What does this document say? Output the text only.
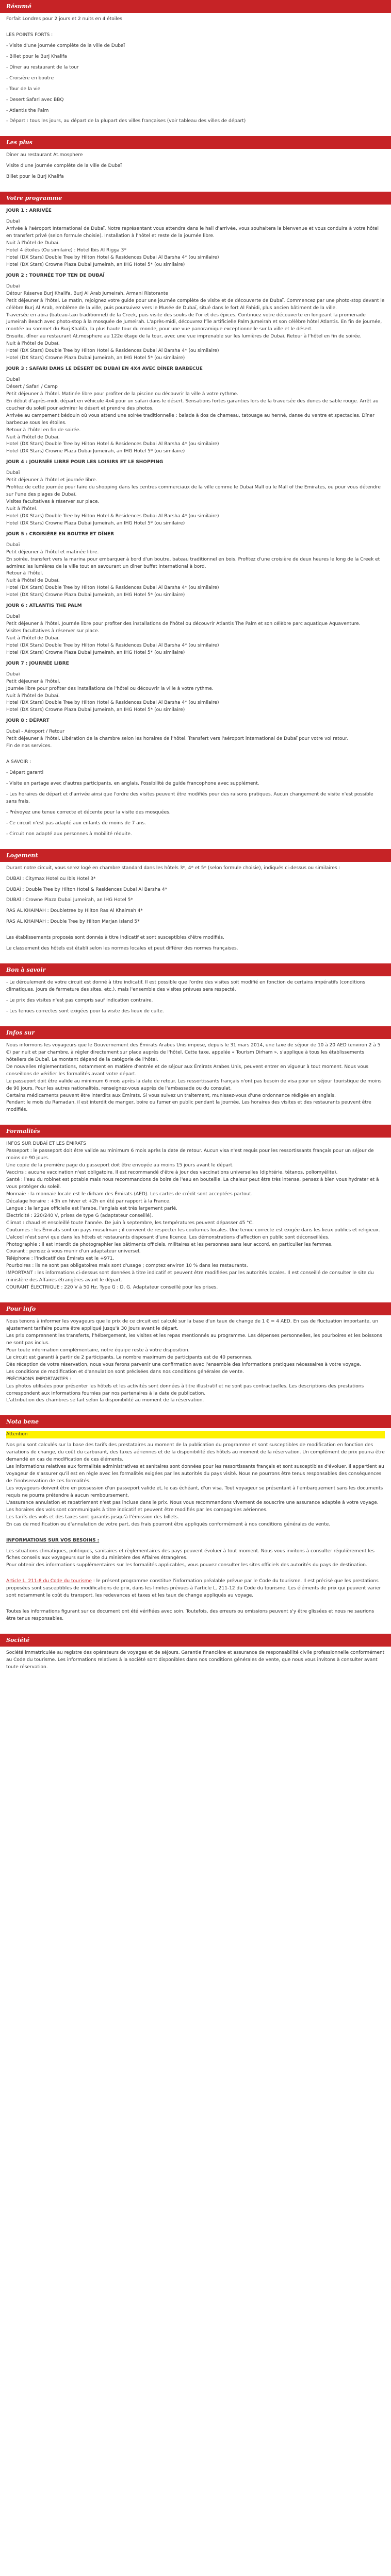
Résumé

Forfait Londres pour 2 jours et 2 nuits en 4 étoiles

LES POINTS FORTS :

- Visite d'une journée complète de la ville de Dubaï

- Billet pour le Burj Khalifa

- Dîner au restaurant de la tour

- Croisière en boutre

- Tour de la vie

- Desert Safari avec BBQ

- Atlantis the Palm

- Départ : tous les jours, au départ de la plupart des villes françaises (voir tableau des villes de départ)

Les plus

Dîner au restaurant At.mosphere

Visite d'une journée complète de la ville de Dubaï

Billet pour le Burj Khalifa

Votre programme

JOUR 1 : ARRIVÉE

Dubaï
Arrivée à l'aéroport International de Dubaï. Notre représentant vous attendra dans le hall d'arrivée, vous souhaitera la bienvenue et vous conduira à votre hôtel en transfert privé (selon formule choisie). Installation à l'hôtel et reste de la journée libre.
Nuit à l'hôtel de Dubaï.
Hotel 4 étoiles (Ou similaire) : Hotel Ibis Al Rigga 3*
Hotel (DX Stars) Double Tree by Hilton Hotel & Residences Dubai Al Barsha 4* (ou similaire)
Hotel (DX Stars) Crowne Plaza Dubai Jumeirah, an IHG Hotel 5* (ou similaire)

JOUR 2 : TOURNÉE TOP TEN DE DUBAÏ

Dubaï
Détour Réserve Burj Khalifa, Burj Al Arab Jumeirah, Armani Ristorante
Petit déjeuner à l'hôtel. Le matin, rejoignez votre guide pour une journée complète de visite et de découverte de Dubaï. Commencez par une photo-stop devant le célèbre Burj Al Arab, emblème de la ville, puis poursuivez vers le Musée de Dubaï, situé dans le fort Al Fahidi, plus ancien bâtiment de la ville.
Traversée en abra (bateau-taxi traditionnel) de la Creek, puis visite des souks de l'or et des épices. Continuez votre découverte en longeant la promenade Jumeirah Beach avec photo-stop à la mosquée de Jumeirah. L'après-midi, découvrez l'île artificielle Palm Jumeirah et son célèbre hôtel Atlantis. En fin de journée, montée au sommet du Burj Khalifa, la plus haute tour du monde, pour une vue panoramique exceptionnelle sur la ville et le désert.
Ensuite, dîner au restaurant At.mosphere au 122e étage de la tour, avec une vue imprenable sur les lumières de Dubaï. Retour à l'hôtel en fin de soirée.
Nuit à l'hôtel de Dubaï.
Hotel (DX Stars) Double Tree by Hilton Hotel & Residences Dubai Al Barsha 4* (ou similaire)
Hotel (DX Stars) Crowne Plaza Dubai Jumeirah, an IHG Hotel 5* (ou similaire)

JOUR 3 : SAFARI DANS LE DÉSERT DE DUBAÏ EN 4X4 AVEC DÎNER BARBECUE

Dubaï
Désert / Safari / Camp
Petit déjeuner à l'hôtel. Matinée libre pour profiter de la piscine ou découvrir la ville à votre rythme.
En début d'après-midi, départ en véhicule 4x4 pour un safari dans le désert. Sensations fortes garanties lors de la traversée des dunes de sable rouge. Arrêt au coucher du soleil pour admirer le désert et prendre des photos.
Arrivée au campement bédouin où vous attend une soirée traditionnelle : balade à dos de chameau, tatouage au henné, danse du ventre et spectacles. Dîner barbecue sous les étoiles.
Retour à l'hôtel en fin de soirée.
Nuit à l'hôtel de Dubaï.
Hotel (DX Stars) Double Tree by Hilton Hotel & Residences Dubai Al Barsha 4* (ou similaire)
Hotel (DX Stars) Crowne Plaza Dubai Jumeirah, an IHG Hotel 5* (ou similaire)

JOUR 4 : JOURNÉE LIBRE POUR LES LOISIRS ET LE SHOPPING

Dubaï
Petit déjeuner à l'hôtel et journée libre.
Profitez de cette journée pour faire du shopping dans les centres commerciaux de la ville comme le Dubai Mall ou le Mall of the Emirates, ou pour vous détendre sur l'une des plages de Dubaï.
Visites facultatives à réserver sur place.
Nuit à l'hôtel.
Hotel (DX Stars) Double Tree by Hilton Hotel & Residences Dubai Al Barsha 4* (ou similaire)
Hotel (DX Stars) Crowne Plaza Dubai Jumeirah, an IHG Hotel 5* (ou similaire)

JOUR 5 : CROISIÈRE EN BOUTRE ET DÎNER

Dubaï
Petit déjeuner à l'hôtel et matinée libre.
En soirée, transfert vers la marina pour embarquer à bord d'un boutre, bateau traditionnel en bois. Profitez d'une croisière de deux heures le long de la Creek et admirez les lumières de la ville tout en savourant un dîner buffet international à bord.
Retour à l'hôtel.
Nuit à l'hôtel de Dubaï.
Hotel (DX Stars) Double Tree by Hilton Hotel & Residences Dubai Al Barsha 4* (ou similaire)
Hotel (DX Stars) Crowne Plaza Dubai Jumeirah, an IHG Hotel 5* (ou similaire)

JOUR 6 : ATLANTIS THE PALM

Dubaï
Petit déjeuner à l'hôtel. Journée libre pour profiter des installations de l'hôtel ou découvrir Atlantis The Palm et son célèbre parc aquatique Aquaventure.
Visites facultatives à réserver sur place.
Nuit à l'hôtel de Dubaï.
Hotel (DX Stars) Double Tree by Hilton Hotel & Residences Dubai Al Barsha 4* (ou similaire)
Hotel (DX Stars) Crowne Plaza Dubai Jumeirah, an IHG Hotel 5* (ou similaire)

JOUR 7 : JOURNÉE LIBRE

Dubaï
Petit déjeuner à l'hôtel.
Journée libre pour profiter des installations de l'hôtel ou découvrir la ville à votre rythme.
Nuit à l'hôtel de Dubaï.
Hotel (DX Stars) Double Tree by Hilton Hotel & Residences Dubai Al Barsha 4* (ou similaire)
Hotel (DX Stars) Crowne Plaza Dubai Jumeirah, an IHG Hotel 5* (ou similaire)

JOUR 8 : DÉPART

Dubaï - Aéroport / Retour
Petit déjeuner à l'hôtel. Libération de la chambre selon les horaires de l'hôtel. Transfert vers l'aéroport international de Dubaï pour votre vol retour.
Fin de nos services.

A SAVOIR :

- Départ garanti

- Visite en partage avec d'autres participants, en anglais. Possibilité de guide francophone avec supplément.

- Les horaires de départ et d'arrivée ainsi que l'ordre des visites peuvent être modifiés pour des raisons pratiques. Aucun changement de visite n'est possible sans frais.

- Prévoyez une tenue correcte et décente pour la visite des mosquées.

- Ce circuit n'est pas adapté aux enfants de moins de 7 ans.

- Circuit non adapté aux personnes à mobilité réduite.

Logement

Durant notre circuit, vous serez logé en chambre standard dans les hôtels 3*, 4* et 5* (selon formule choisie), indiqués ci-dessus ou similaires :

DUBAÏ : Citymax Hotel ou Ibis Hotel 3*

DUBAÏ : Double Tree by Hilton Hotel & Residences Dubai Al Barsha 4*

DUBAÏ : Crowne Plaza Dubai Jumeirah, an IHG Hotel 5*

RAS AL KHAIMAH : Doubletree by Hilton Ras Al Khaimah 4*

RAS AL KHAIMAH : Double Tree by Hilton Marjan Island 5*

Les établissements proposés sont donnés à titre indicatif et sont susceptibles d'être modifiés.

Le classement des hôtels est établi selon les normes locales et peut différer des normes françaises.

Bon à savoir

- Le déroulement de votre circuit est donné à titre indicatif. Il est possible que l'ordre des visites soit modifié en fonction de certains impératifs (conditions climatiques, jours de fermeture des sites, etc.), mais l'ensemble des visites prévues sera respecté.

- Le prix des visites n'est pas compris sauf indication contraire.

- Les tenues correctes sont exigées pour la visite des lieux de culte.

Infos sur

Nous informons les voyageurs que le Gouvernement des Émirats Arabes Unis impose, depuis le 31 mars 2014, une taxe de séjour de 10 à 20 AED (environ 2 à 5 €) par nuit et par chambre, à régler directement sur place auprès de l'hôtel. Cette taxe, appelée « Tourism Dirham », s'applique à tous les établissements hôteliers de Dubaï. Le montant dépend de la catégorie de l'hôtel.
De nouvelles réglementations, notamment en matière d'entrée et de séjour aux Émirats Arabes Unis, peuvent entrer en vigueur à tout moment. Nous vous conseillons de vérifier les formalités avant votre départ.
Le passeport doit être valide au minimum 6 mois après la date de retour. Les ressortissants français n'ont pas besoin de visa pour un séjour touristique de moins de 90 jours. Pour les autres nationalités, renseignez-vous auprès de l'ambassade ou du consulat.
Certains médicaments peuvent être interdits aux Émirats. Si vous suivez un traitement, munissez-vous d'une ordonnance rédigée en anglais.
Pendant le mois du Ramadan, il est interdit de manger, boire ou fumer en public pendant la journée. Les horaires des visites et des restaurants peuvent être modifiés.

Formalités

INFOS SUR DUBAÏ ET LES ÉMIRATS
Passeport : le passeport doit être valide au minimum 6 mois après la date de retour. Aucun visa n'est requis pour les ressortissants français pour un séjour de moins de 90 jours.
Une copie de la première page du passeport doit être envoyée au moins 15 jours avant le départ.
Vaccins : aucune vaccination n'est obligatoire. Il est recommandé d'être à jour des vaccinations universelles (diphtérie, tétanos, poliomyélite).
Santé : l'eau du robinet est potable mais nous recommandons de boire de l'eau en bouteille. La chaleur peut être très intense, pensez à bien vous hydrater et à vous protéger du soleil.
Monnaie : la monnaie locale est le dirham des Émirats (AED). Les cartes de crédit sont acceptées partout.
Décalage horaire : +3h en hiver et +2h en été par rapport à la France.
Langue : la langue officielle est l'arabe, l'anglais est très largement parlé.
Électricité : 220/240 V, prises de type G (adaptateur conseillé).
Climat : chaud et ensoleillé toute l'année. De juin à septembre, les températures peuvent dépasser 45 °C.
Coutumes : les Émirats sont un pays musulman ; il convient de respecter les coutumes locales. Une tenue correcte est exigée dans les lieux publics et religieux. L'alcool n'est servi que dans les hôtels et restaurants disposant d'une licence. Les démonstrations d'affection en public sont déconseillées.
Photographie : il est interdit de photographier les bâtiments officiels, militaires et les personnes sans leur accord, en particulier les femmes.
Courant : pensez à vous munir d'un adaptateur universel.
Téléphone : l'indicatif des Émirats est le +971.
Pourboires : ils ne sont pas obligatoires mais sont d'usage ; comptez environ 10 % dans les restaurants.
IMPORTANT : les informations ci-dessus sont données à titre indicatif et peuvent être modifiées par les autorités locales. Il est conseillé de consulter le site du ministère des Affaires étrangères avant le départ.
COURANT ÉLECTRIQUE : 220 V à 50 Hz. Type G : D, G. Adaptateur conseillé pour les prises.

Pour info

Nous tenons à informer les voyageurs que le prix de ce circuit est calculé sur la base d'un taux de change de 1 € = 4 AED. En cas de fluctuation importante, un ajustement tarifaire pourra être appliqué jusqu'à 30 jours avant le départ.
Les prix comprennent les transferts, l'hébergement, les visites et les repas mentionnés au programme. Les dépenses personnelles, les pourboires et les boissons ne sont pas inclus.
Pour toute information complémentaire, notre équipe reste à votre disposition.
Le circuit est garanti à partir de 2 participants. Le nombre maximum de participants est de 40 personnes.
Dès réception de votre réservation, nous vous ferons parvenir une confirmation avec l'ensemble des informations pratiques nécessaires à votre voyage.
Les conditions de modification et d'annulation sont précisées dans nos conditions générales de vente.
PRÉCISIONS IMPORTANTES :
Les photos utilisées pour présenter les hôtels et les activités sont données à titre illustratif et ne sont pas contractuelles. Les descriptions des prestations correspondent aux informations fournies par nos partenaires à la date de publication.
L'attribution des chambres se fait selon la disponibilité au moment de la réservation.

Nota bene

Attention

Nos prix sont calculés sur la base des tarifs des prestataires au moment de la publication du programme et sont susceptibles de modification en fonction des variations de change, du coût du carburant, des taxes aériennes et de la disponibilité des hôtels au moment de la réservation. Un complément de prix pourra être demandé en cas de modification de ces éléments.
Les informations relatives aux formalités administratives et sanitaires sont données pour les ressortissants français et sont susceptibles d'évoluer. Il appartient au voyageur de s'assurer qu'il est en règle avec les formalités exigées par les autorités du pays visité. Nous ne pourrons être tenus responsables des conséquences de l'inobservation de ces formalités.
Les voyageurs doivent être en possession d'un passeport valide et, le cas échéant, d'un visa. Tout voyageur se présentant à l'embarquement sans les documents requis ne pourra prétendre à aucun remboursement.
L'assurance annulation et rapatriement n'est pas incluse dans le prix. Nous vous recommandons vivement de souscrire une assurance adaptée à votre voyage.
Les horaires des vols sont communiqués à titre indicatif et peuvent être modifiés par les compagnies aériennes.
Les tarifs des vols et des taxes sont garantis jusqu'à l'émission des billets.
En cas de modification ou d'annulation de votre part, des frais pourront être appliqués conformément à nos conditions générales de vente.

INFORMATIONS SUR VOS BESOINS :

Les situations climatiques, politiques, sanitaires et règlementaires des pays peuvent évoluer à tout moment. Nous vous invitons à consulter régulièrement les fiches conseils aux voyageurs sur le site du ministère des Affaires étrangères.
Pour obtenir des informations supplémentaires sur les formalités applicables, vous pouvez consulter les sites officiels des autorités du pays de destination.

Article L. 211-8 du Code du tourisme : le présent programme constitue l'information préalable prévue par le Code du tourisme. Il est précisé que les prestations proposées sont susceptibles de modifications de prix, dans les limites prévues à l'article L. 211-12 du Code du tourisme. Les éléments de prix qui peuvent varier sont notamment le coût du transport, les redevances et taxes et les taux de change appliqués au voyage.

Toutes les informations figurant sur ce document ont été vérifiées avec soin. Toutefois, des erreurs ou omissions peuvent s'y être glissées et nous ne saurions être tenus responsables.

Société

Société immatriculée au registre des opérateurs de voyages et de séjours. Garantie financière et assurance de responsabilité civile professionnelle conformément au Code du tourisme. Les informations relatives à la société sont disponibles dans nos conditions générales de vente, que nous vous invitons à consulter avant toute réservation.
